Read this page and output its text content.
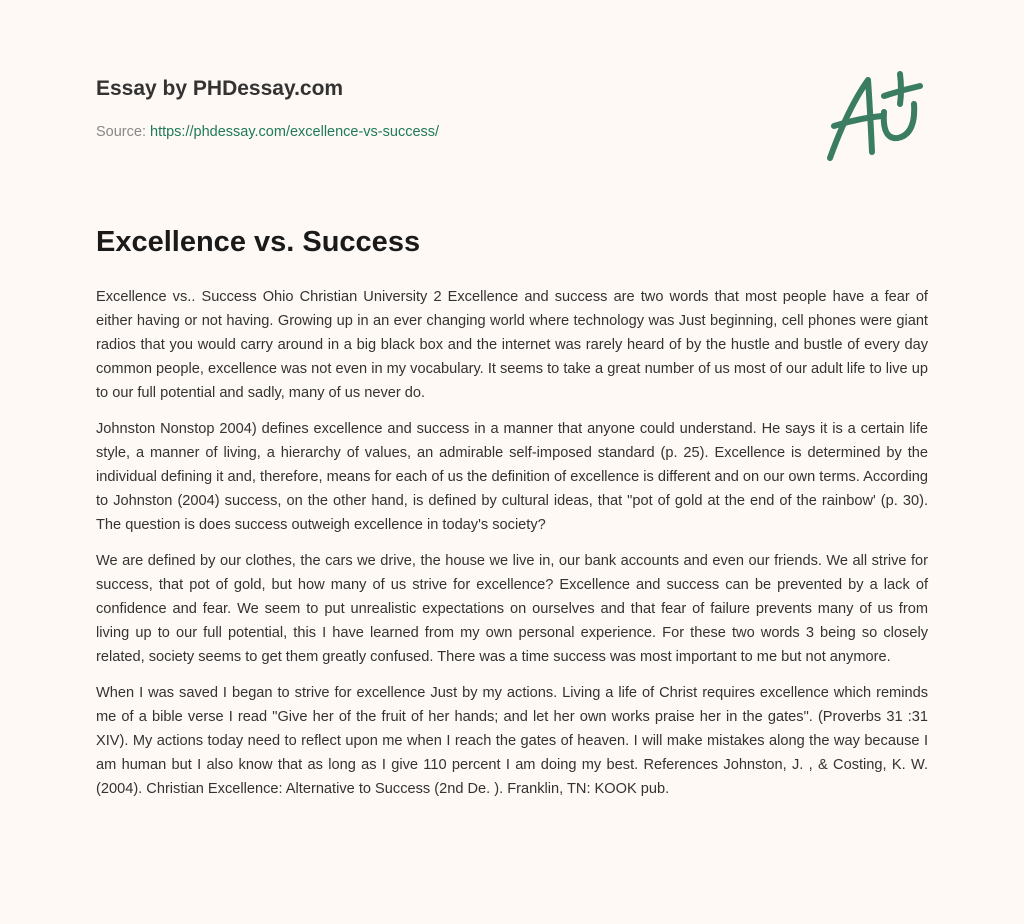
Essay by PHDessay.com
Source: https://phdessay.com/excellence-vs-success/
Excellence vs. Success

Excellence vs.. Success Ohio Christian University 2 Excellence and success are two words that most people have a fear of either having or not having. Growing up in an ever changing world where technology was Just beginning, cell phones were giant radios that you would carry around in a big black box and the internet was rarely heard of by the hustle and bustle of every day common people, excellence was not even in my vocabulary. It seems to take a great number of us most of our adult life to live up to our full potential and sadly, many of us never do.

Johnston Nonstop 2004) defines excellence and success in a manner that anyone could understand. He says it is a certain life style, a manner of living, a hierarchy of values, an admirable self-imposed standard (p. 25). Excellence is determined by the individual defining it and, therefore, means for each of us the definition of excellence is different and on our own terms. According to Johnston (2004) success, on the other hand, is defined by cultural ideas, that "pot of gold at the end of the rainbow' (p. 30). The question is does success outweigh excellence in today's society?

We are defined by our clothes, the cars we drive, the house we live in, our bank accounts and even our friends. We all strive for success, that pot of gold, but how many of us strive for excellence? Excellence and success can be prevented by a lack of confidence and fear. We seem to put unrealistic expectations on ourselves and that fear of failure prevents many of us from living up to our full potential, this I have learned from my own personal experience. For these two words 3 being so closely related, society seems to get them greatly confused. There was a time success was most important to me but not anymore.

When I was saved I began to strive for excellence Just by my actions. Living a life of Christ requires excellence which reminds me of a bible verse I read "Give her of the fruit of her hands; and let her own works praise her in the gates". (Proverbs 31 :31 XIV). My actions today need to reflect upon me when I reach the gates of heaven. I will make mistakes along the way because I am human but I also know that as long as I give 110 percent I am doing my best. References Johnston, J. , & Costing, K. W. (2004). Christian Excellence: Alternative to Success (2nd De. ). Franklin, TN: KOOK pub.
